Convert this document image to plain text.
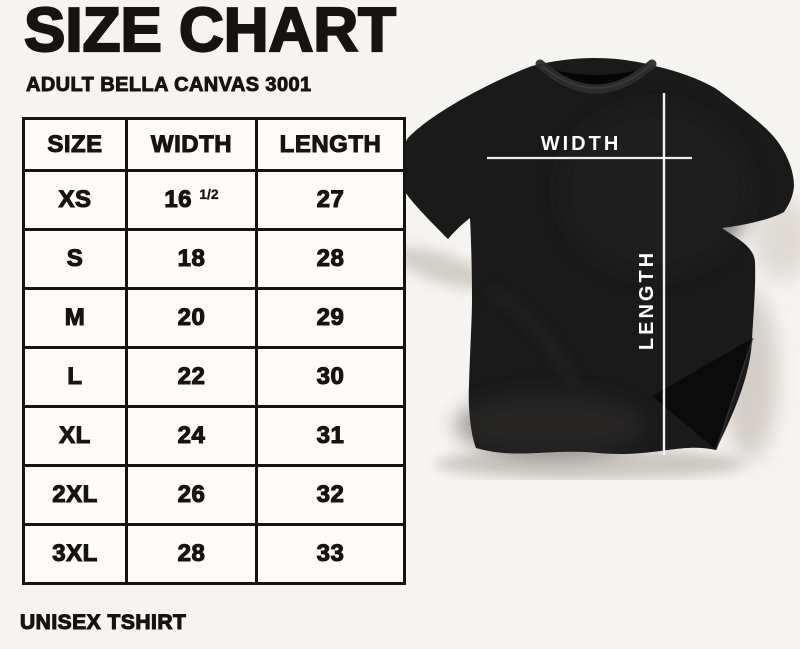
SIZE CHART
ADULT BELLA CANVAS 3001
SIZE	WIDTH	LENGTH
XS	16 $^{1/2}$	27
S	18	28
M	20	29
L	22	30
XL	24	31
2XL	26	32
3XL	28	33
WIDTH
LENGTH
UNISEX TSHIRT
